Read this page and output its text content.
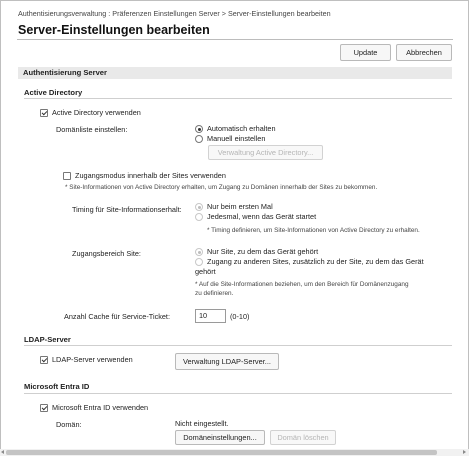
Authentisierungsverwaltung : Präferenzen Einstellungen Server > Server-Einstellungen bearbeiten
Server-Einstellungen bearbeiten
Update	Abbrechen
Authentisierung Server
Active Directory
Active Directory verwenden
Domänliste einstellen:	Automatisch erhalten
Manuell einstellen
Verwaltung Active Directory...
Zugangsmodus innerhalb der Sites verwenden
* Site-Informationen von Active Directory erhalten, um Zugang zu Domänen innerhalb der Sites zu bekommen.
Timing für Site-Informationserhalt:	Nur beim ersten Mal
Jedesmal, wenn das Gerät startet
* Timing definieren, um Site-Informationen von Active Directory zu erhalten.
Zugangsbereich Site:	Nur Site, zu dem das Gerät gehört
Zugang zu anderen Sites, zusätzlich zu der Site, zu dem das Gerät
gehört
* Auf die Site-Informationen beziehen, um den Bereich für Domänenzugang
zu definieren.
Anzahl Cache für Service-Ticket:	10	(0-10)
LDAP-Server
LDAP-Server verwenden	Verwaltung LDAP-Server...
Microsoft Entra ID
Microsoft Entra ID verwenden
Domän:	Nicht eingestellt.
Domäneinstellungen...	Domän löschen
